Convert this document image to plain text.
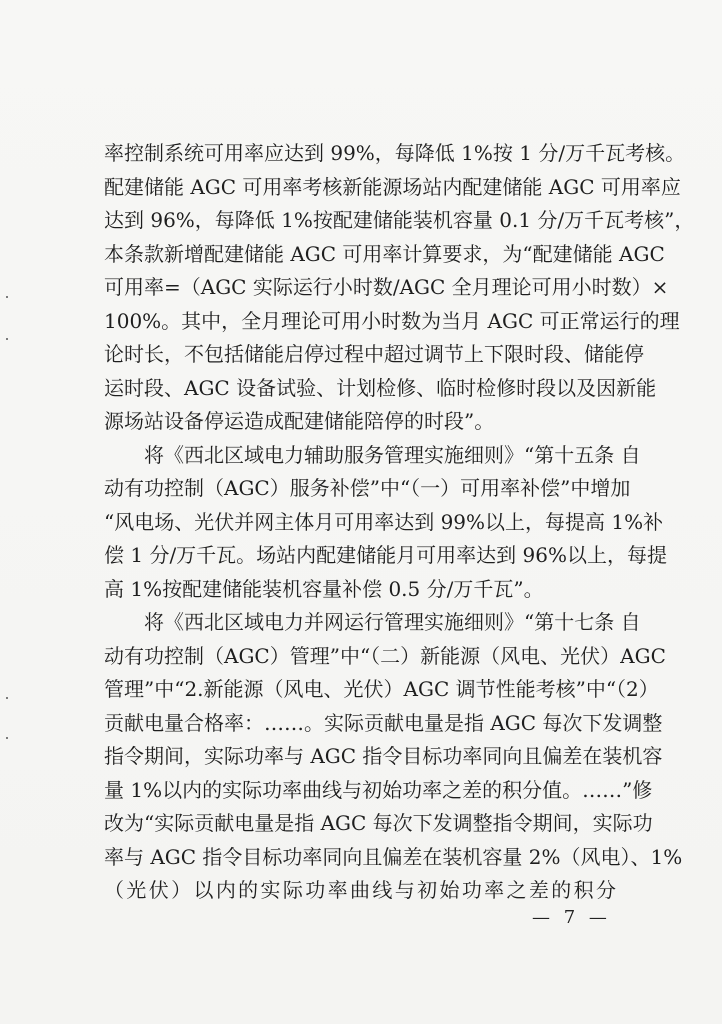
率控制系统可用率应达到 99%，每降低 1%按 1 分/万千瓦考核。
配建储能 AGC 可用率考核新能源场站内配建储能 AGC 可用率应
达到 96%，每降低 1%按配建储能装机容量 0.1 分/万千瓦考核”，
本条款新增配建储能 AGC 可用率计算要求，为“配建储能 AGC
可用率=（AGC 实际运行小时数/AGC 全月理论可用小时数）×
100%。其中，全月理论可用小时数为当月 AGC 可正常运行的理
论时长，不包括储能启停过程中超过调节上下限时段、储能停
运时段、AGC 设备试验、计划检修、临时检修时段以及因新能
源场站设备停运造成配建储能陪停的时段”。
将《西北区域电力辅助服务管理实施细则》“第十五条 自
动有功控制（AGC）服务补偿”中“（一）可用率补偿”中增加
“风电场、光伏并网主体月可用率达到 99%以上，每提高 1%补
偿 1 分/万千瓦。场站内配建储能月可用率达到 96%以上，每提
高 1%按配建储能装机容量补偿 0.5 分/万千瓦”。
将《西北区域电力并网运行管理实施细则》“第十七条 自
动有功控制（AGC）管理”中“（二）新能源（风电、光伏）AGC
管理”中“2.新能源（风电、光伏）AGC 调节性能考核”中“（2）
贡献电量合格率：……。实际贡献电量是指 AGC 每次下发调整
指令期间，实际功率与 AGC 指令目标功率同向且偏差在装机容
量 1%以内的实际功率曲线与初始功率之差的积分值。……”修
改为“实际贡献电量是指 AGC 每次下发调整指令期间，实际功
率与 AGC 指令目标功率同向且偏差在装机容量 2%（风电）、1%
（光伏）以内的实际功率曲线与初始功率之差的积分
— 7 —
